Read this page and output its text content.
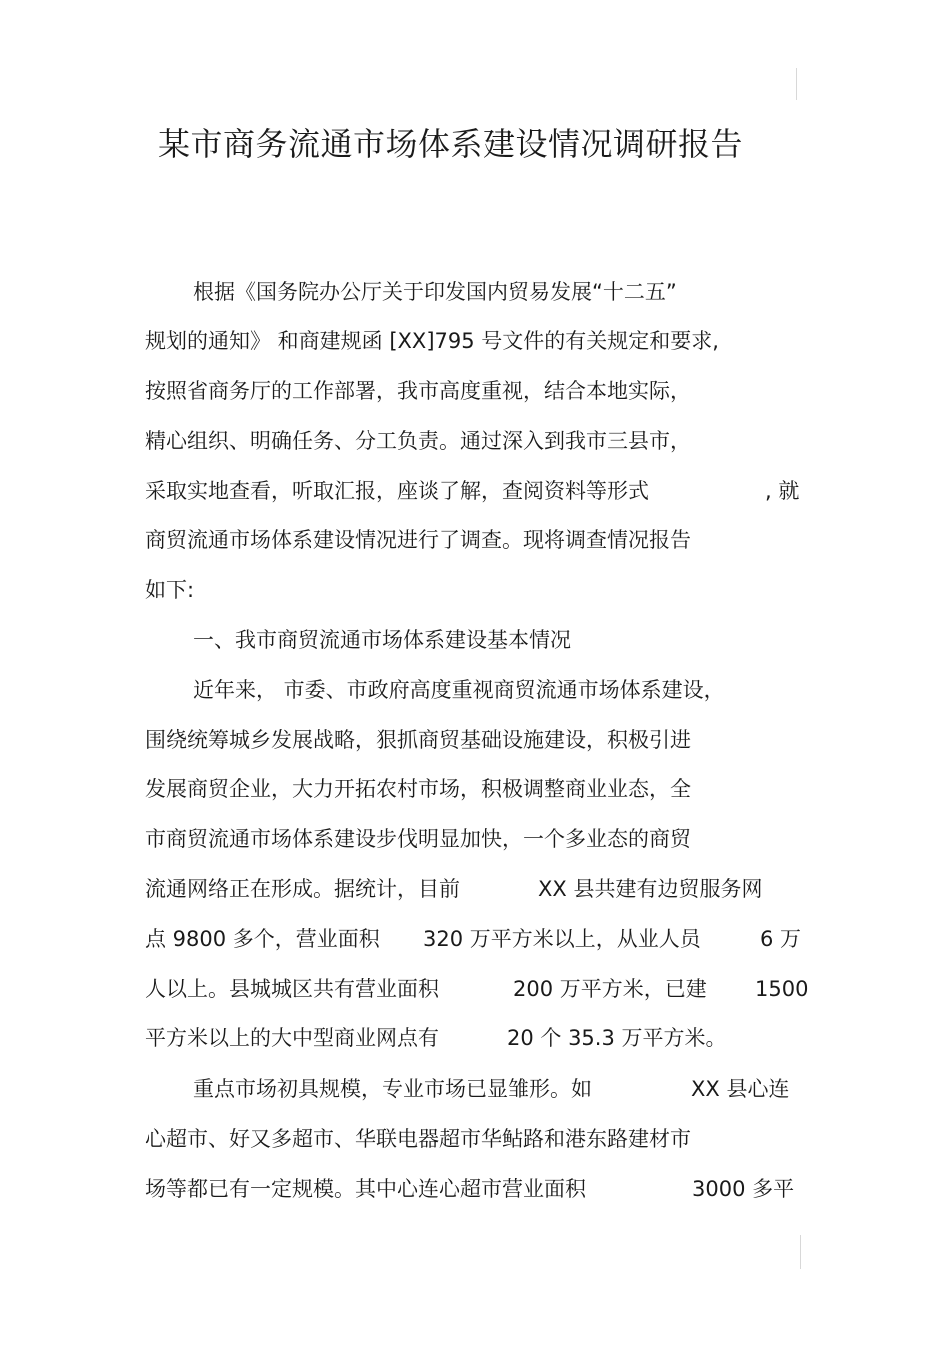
某市商务流通市场体系建设情况调研报告
根据《国务院办公厅关于印发国内贸易发展“十二五”
规划的通知》 和商建规函 [XX]795 号文件的有关规定和要求,
按照省商务厅的工作部署，我市高度重视，结合本地实际，
精心组织、明确任务、分工负责。通过深入到我市三县市，
采取实地查看，听取汇报，座谈了解，查阅资料等形式	, 就
商贸流通市场体系建设情况进行了调查。现将调查情况报告
如下:
一、我市商贸流通市场体系建设基本情况
近年来， 市委、市政府高度重视商贸流通市场体系建设，
围绕统筹城乡发展战略，狠抓商贸基础设施建设，积极引进
发展商贸企业，大力开拓农村市场，积极调整商业业态，全
市商贸流通市场体系建设步伐明显加快，一个多业态的商贸
流通网络正在形成。据统计，目前	XX 县共建有边贸服务网
点 9800 多个，营业面积 320 万平方米以上，从业人员	6 万
人以上。县城城区共有营业面积	200 万平方米，已建 1500
平方米以上的大中型商业网点有	20 个 35.3 万平方米。
重点市场初具规模，专业市场已显雏形。如	XX 县心连
心超市、好又多超市、华联电器超市华鲇路和港东路建材市
场等都已有一定规模。其中心连心超市营业面积	3000 多平
